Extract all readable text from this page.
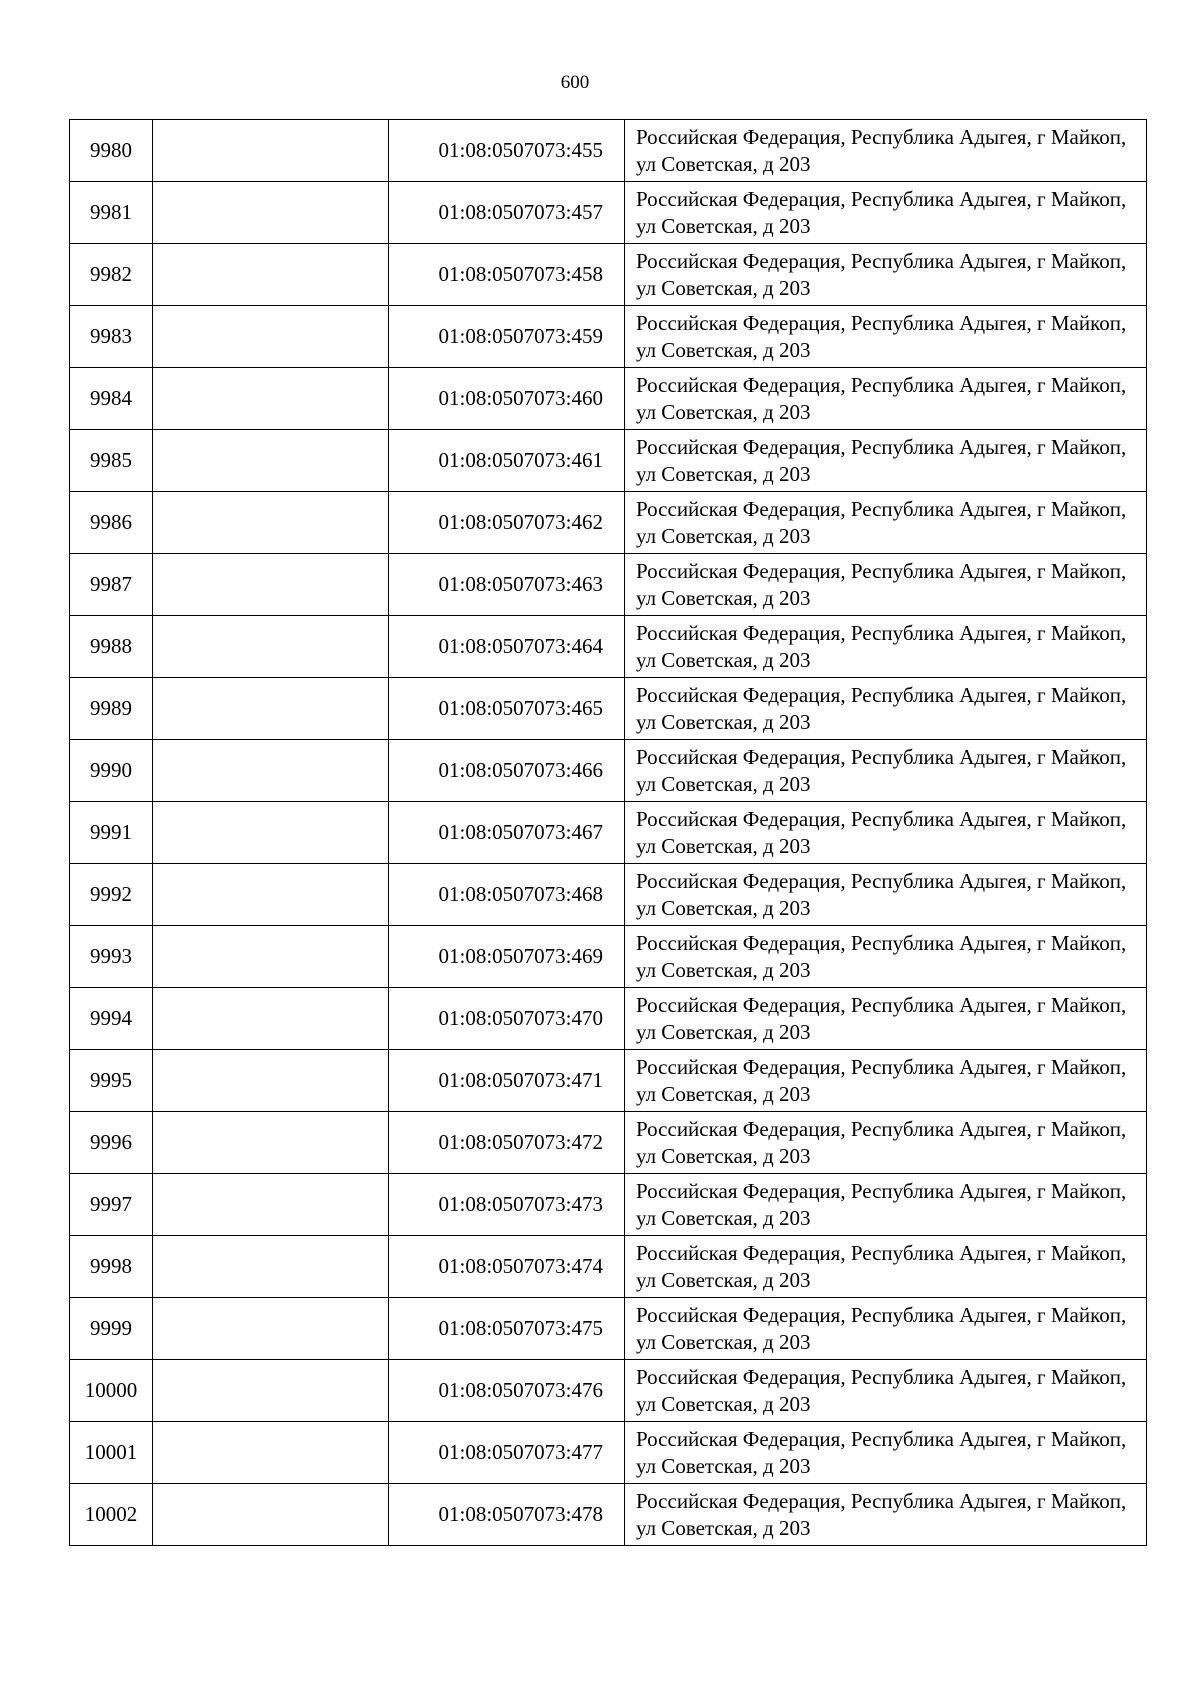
600
9980		01:08:0507073:455	Российская Федерация, Республика Адыгея, г Майкоп, ул Советская, д 203
9981		01:08:0507073:457	Российская Федерация, Республика Адыгея, г Майкоп, ул Советская, д 203
9982		01:08:0507073:458	Российская Федерация, Республика Адыгея, г Майкоп, ул Советская, д 203
9983		01:08:0507073:459	Российская Федерация, Республика Адыгея, г Майкоп, ул Советская, д 203
9984		01:08:0507073:460	Российская Федерация, Республика Адыгея, г Майкоп, ул Советская, д 203
9985		01:08:0507073:461	Российская Федерация, Республика Адыгея, г Майкоп, ул Советская, д 203
9986		01:08:0507073:462	Российская Федерация, Республика Адыгея, г Майкоп, ул Советская, д 203
9987		01:08:0507073:463	Российская Федерация, Республика Адыгея, г Майкоп, ул Советская, д 203
9988		01:08:0507073:464	Российская Федерация, Республика Адыгея, г Майкоп, ул Советская, д 203
9989		01:08:0507073:465	Российская Федерация, Республика Адыгея, г Майкоп, ул Советская, д 203
9990		01:08:0507073:466	Российская Федерация, Республика Адыгея, г Майкоп, ул Советская, д 203
9991		01:08:0507073:467	Российская Федерация, Республика Адыгея, г Майкоп, ул Советская, д 203
9992		01:08:0507073:468	Российская Федерация, Республика Адыгея, г Майкоп, ул Советская, д 203
9993		01:08:0507073:469	Российская Федерация, Республика Адыгея, г Майкоп, ул Советская, д 203
9994		01:08:0507073:470	Российская Федерация, Республика Адыгея, г Майкоп, ул Советская, д 203
9995		01:08:0507073:471	Российская Федерация, Республика Адыгея, г Майкоп, ул Советская, д 203
9996		01:08:0507073:472	Российская Федерация, Республика Адыгея, г Майкоп, ул Советская, д 203
9997		01:08:0507073:473	Российская Федерация, Республика Адыгея, г Майкоп, ул Советская, д 203
9998		01:08:0507073:474	Российская Федерация, Республика Адыгея, г Майкоп, ул Советская, д 203
9999		01:08:0507073:475	Российская Федерация, Республика Адыгея, г Майкоп, ул Советская, д 203
10000		01:08:0507073:476	Российская Федерация, Республика Адыгея, г Майкоп, ул Советская, д 203
10001		01:08:0507073:477	Российская Федерация, Республика Адыгея, г Майкоп, ул Советская, д 203
10002		01:08:0507073:478	Российская Федерация, Республика Адыгея, г Майкоп, ул Советская, д 203
